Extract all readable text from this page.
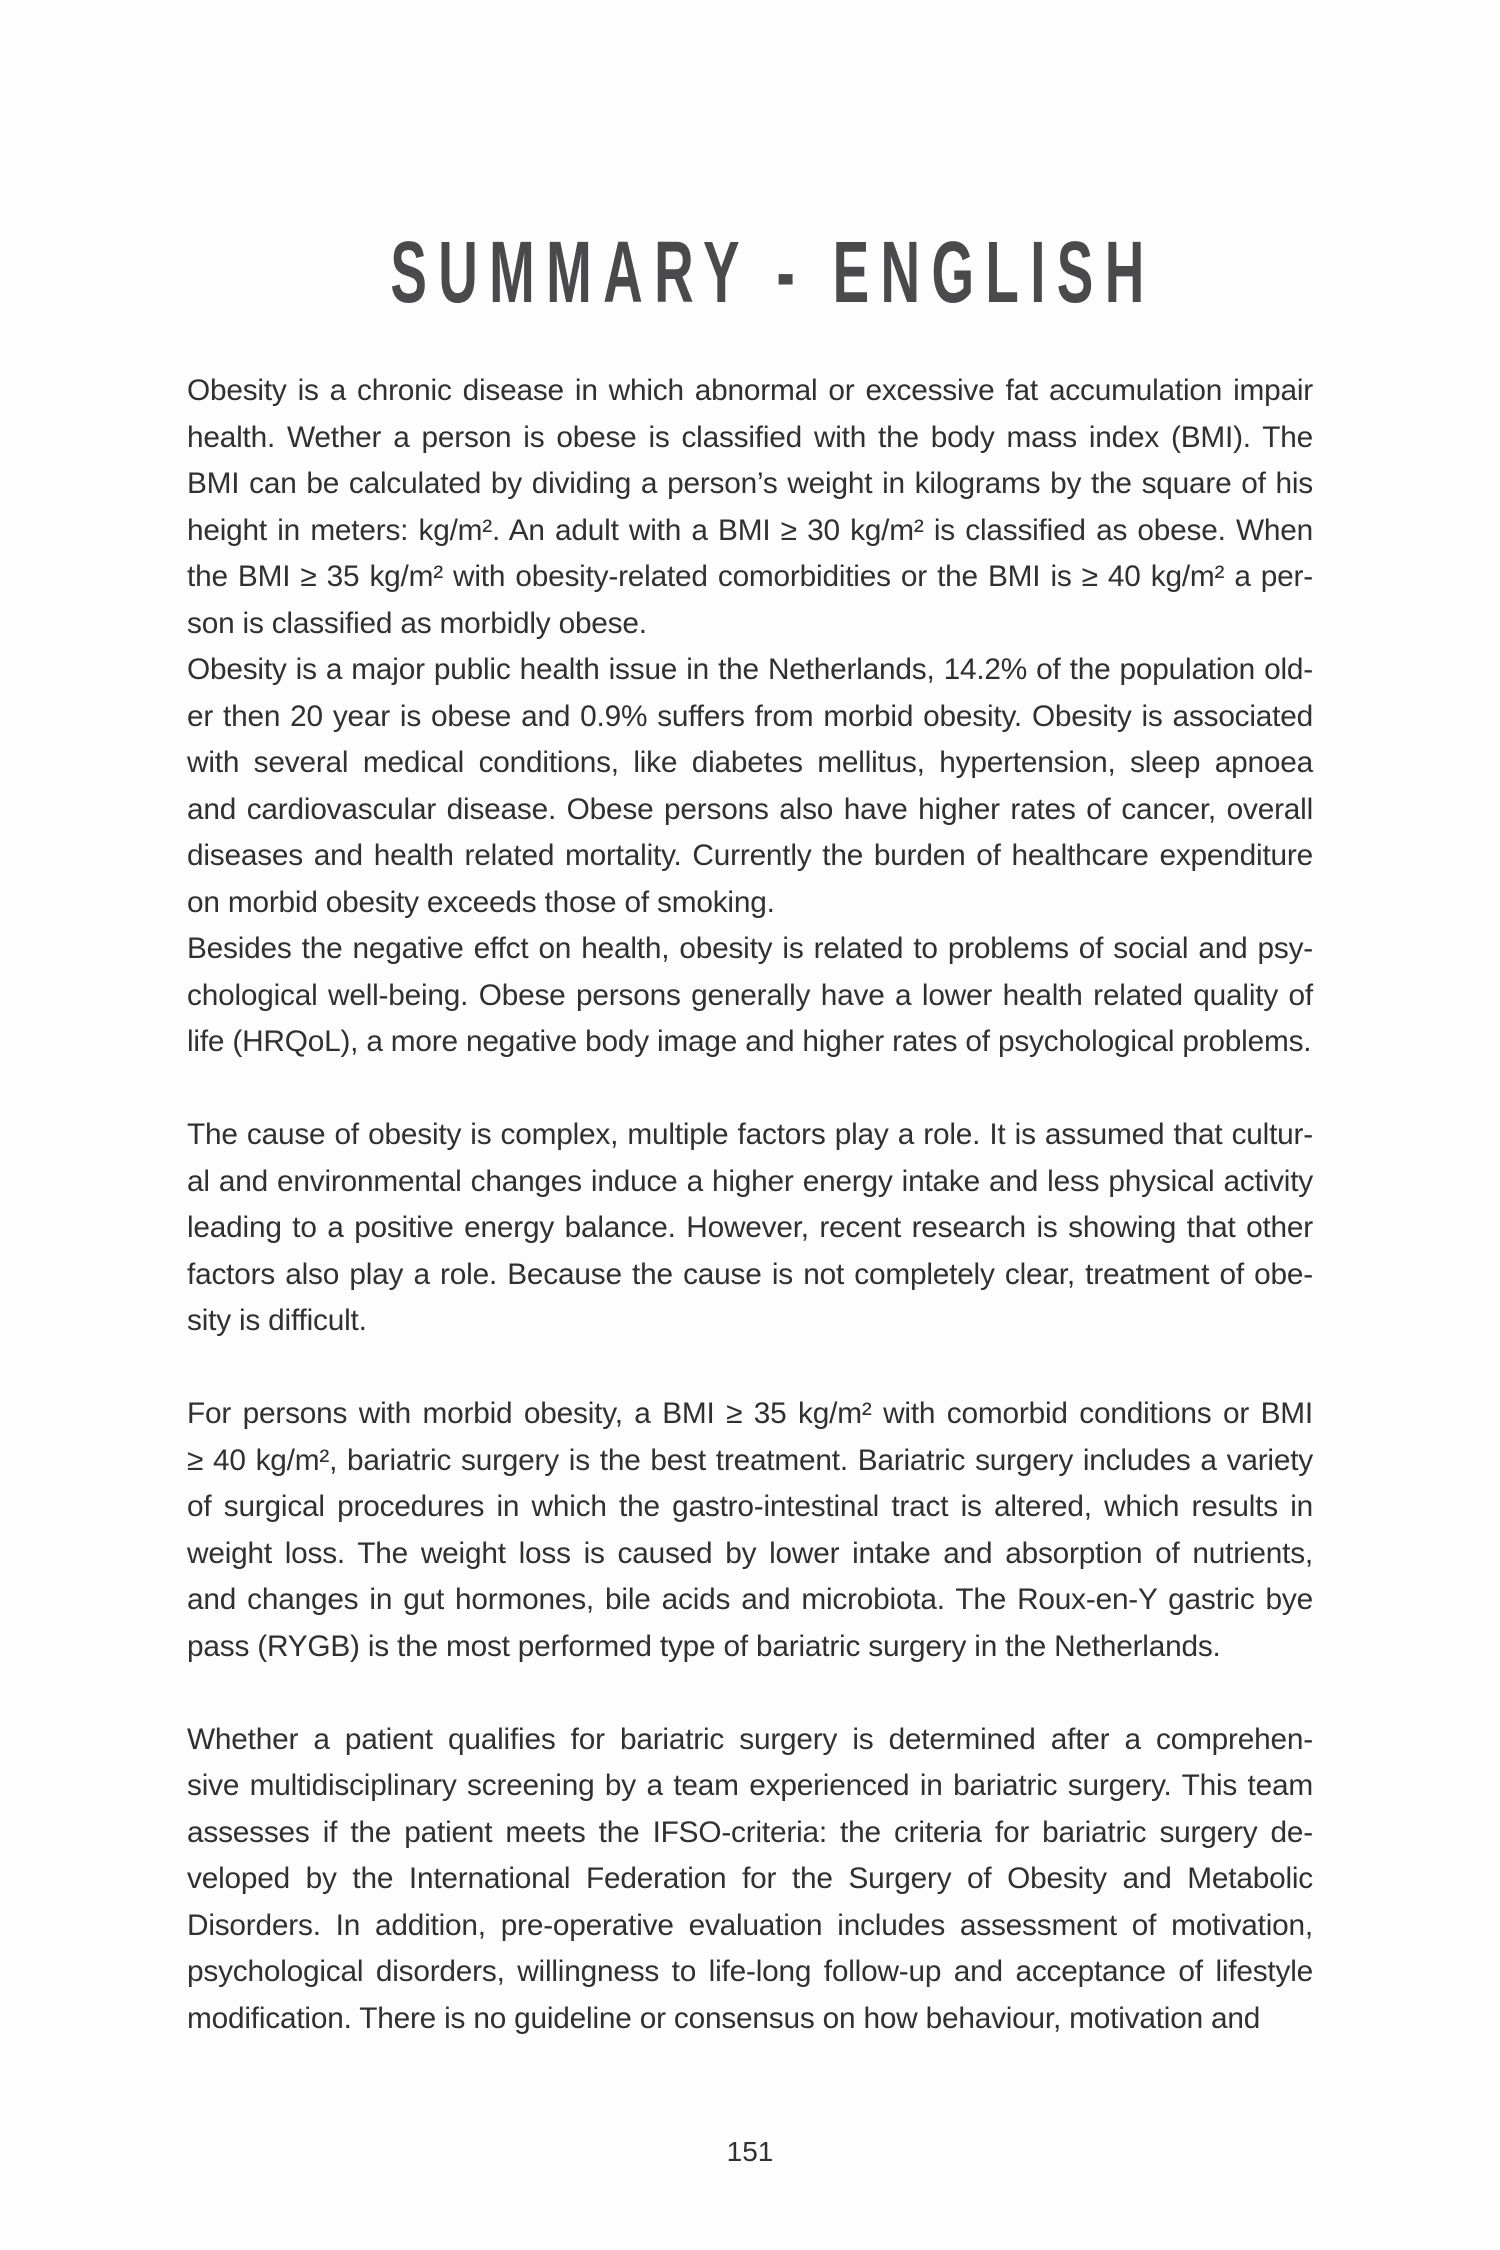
SUMMARY - ENGLISH
Obesity is a chronic disease in which abnormal or excessive fat accumulation impair
health. Wether a person is obese is classified with the body mass index (BMI). The
BMI can be calculated by dividing a person’s weight in kilograms by the square of his
height in meters: kg/m². An adult with a BMI ≥ 30 kg/m² is classified as obese. When
the BMI ≥ 35 kg/m² with obesity-related comorbidities or the BMI is ≥ 40 kg/m² a per-
son is classified as morbidly obese.
Obesity is a major public health issue in the Netherlands, 14.2% of the population old-
er then 20 year is obese and 0.9% suffers from morbid obesity. Obesity is associated
with several medical conditions, like diabetes mellitus, hypertension, sleep apnoea
and cardiovascular disease. Obese persons also have higher rates of cancer, overall
diseases and health related mortality. Currently the burden of healthcare expenditure
on morbid obesity exceeds those of smoking.
Besides the negative effct on health, obesity is related to problems of social and psy-
chological well-being. Obese persons generally have a lower health related quality of
life (HRQoL), a more negative body image and higher rates of psychological problems.
The cause of obesity is complex, multiple factors play a role. It is assumed that cultur-
al and environmental changes induce a higher energy intake and less physical activity
leading to a positive energy balance. However, recent research is showing that other
factors also play a role. Because the cause is not completely clear, treatment of obe-
sity is difficult.
For persons with morbid obesity, a BMI ≥ 35 kg/m² with comorbid conditions or BMI
≥ 40 kg/m², bariatric surgery is the best treatment. Bariatric surgery includes a variety
of surgical procedures in which the gastro-intestinal tract is altered, which results in
weight loss. The weight loss is caused by lower intake and absorption of nutrients,
and changes in gut hormones, bile acids and microbiota. The Roux-en-Y gastric bye
pass (RYGB) is the most performed type of bariatric surgery in the Netherlands.
Whether a patient qualifies for bariatric surgery is determined after a comprehen-
sive multidisciplinary screening by a team experienced in bariatric surgery. This team
assesses if the patient meets the IFSO-criteria: the criteria for bariatric surgery de-
veloped by the International Federation for the Surgery of Obesity and Metabolic
Disorders. In addition, pre-operative evaluation includes assessment of motivation,
psychological disorders, willingness to life-long follow-up and acceptance of lifestyle
modification. There is no guideline or consensus on how behaviour, motivation and
151
